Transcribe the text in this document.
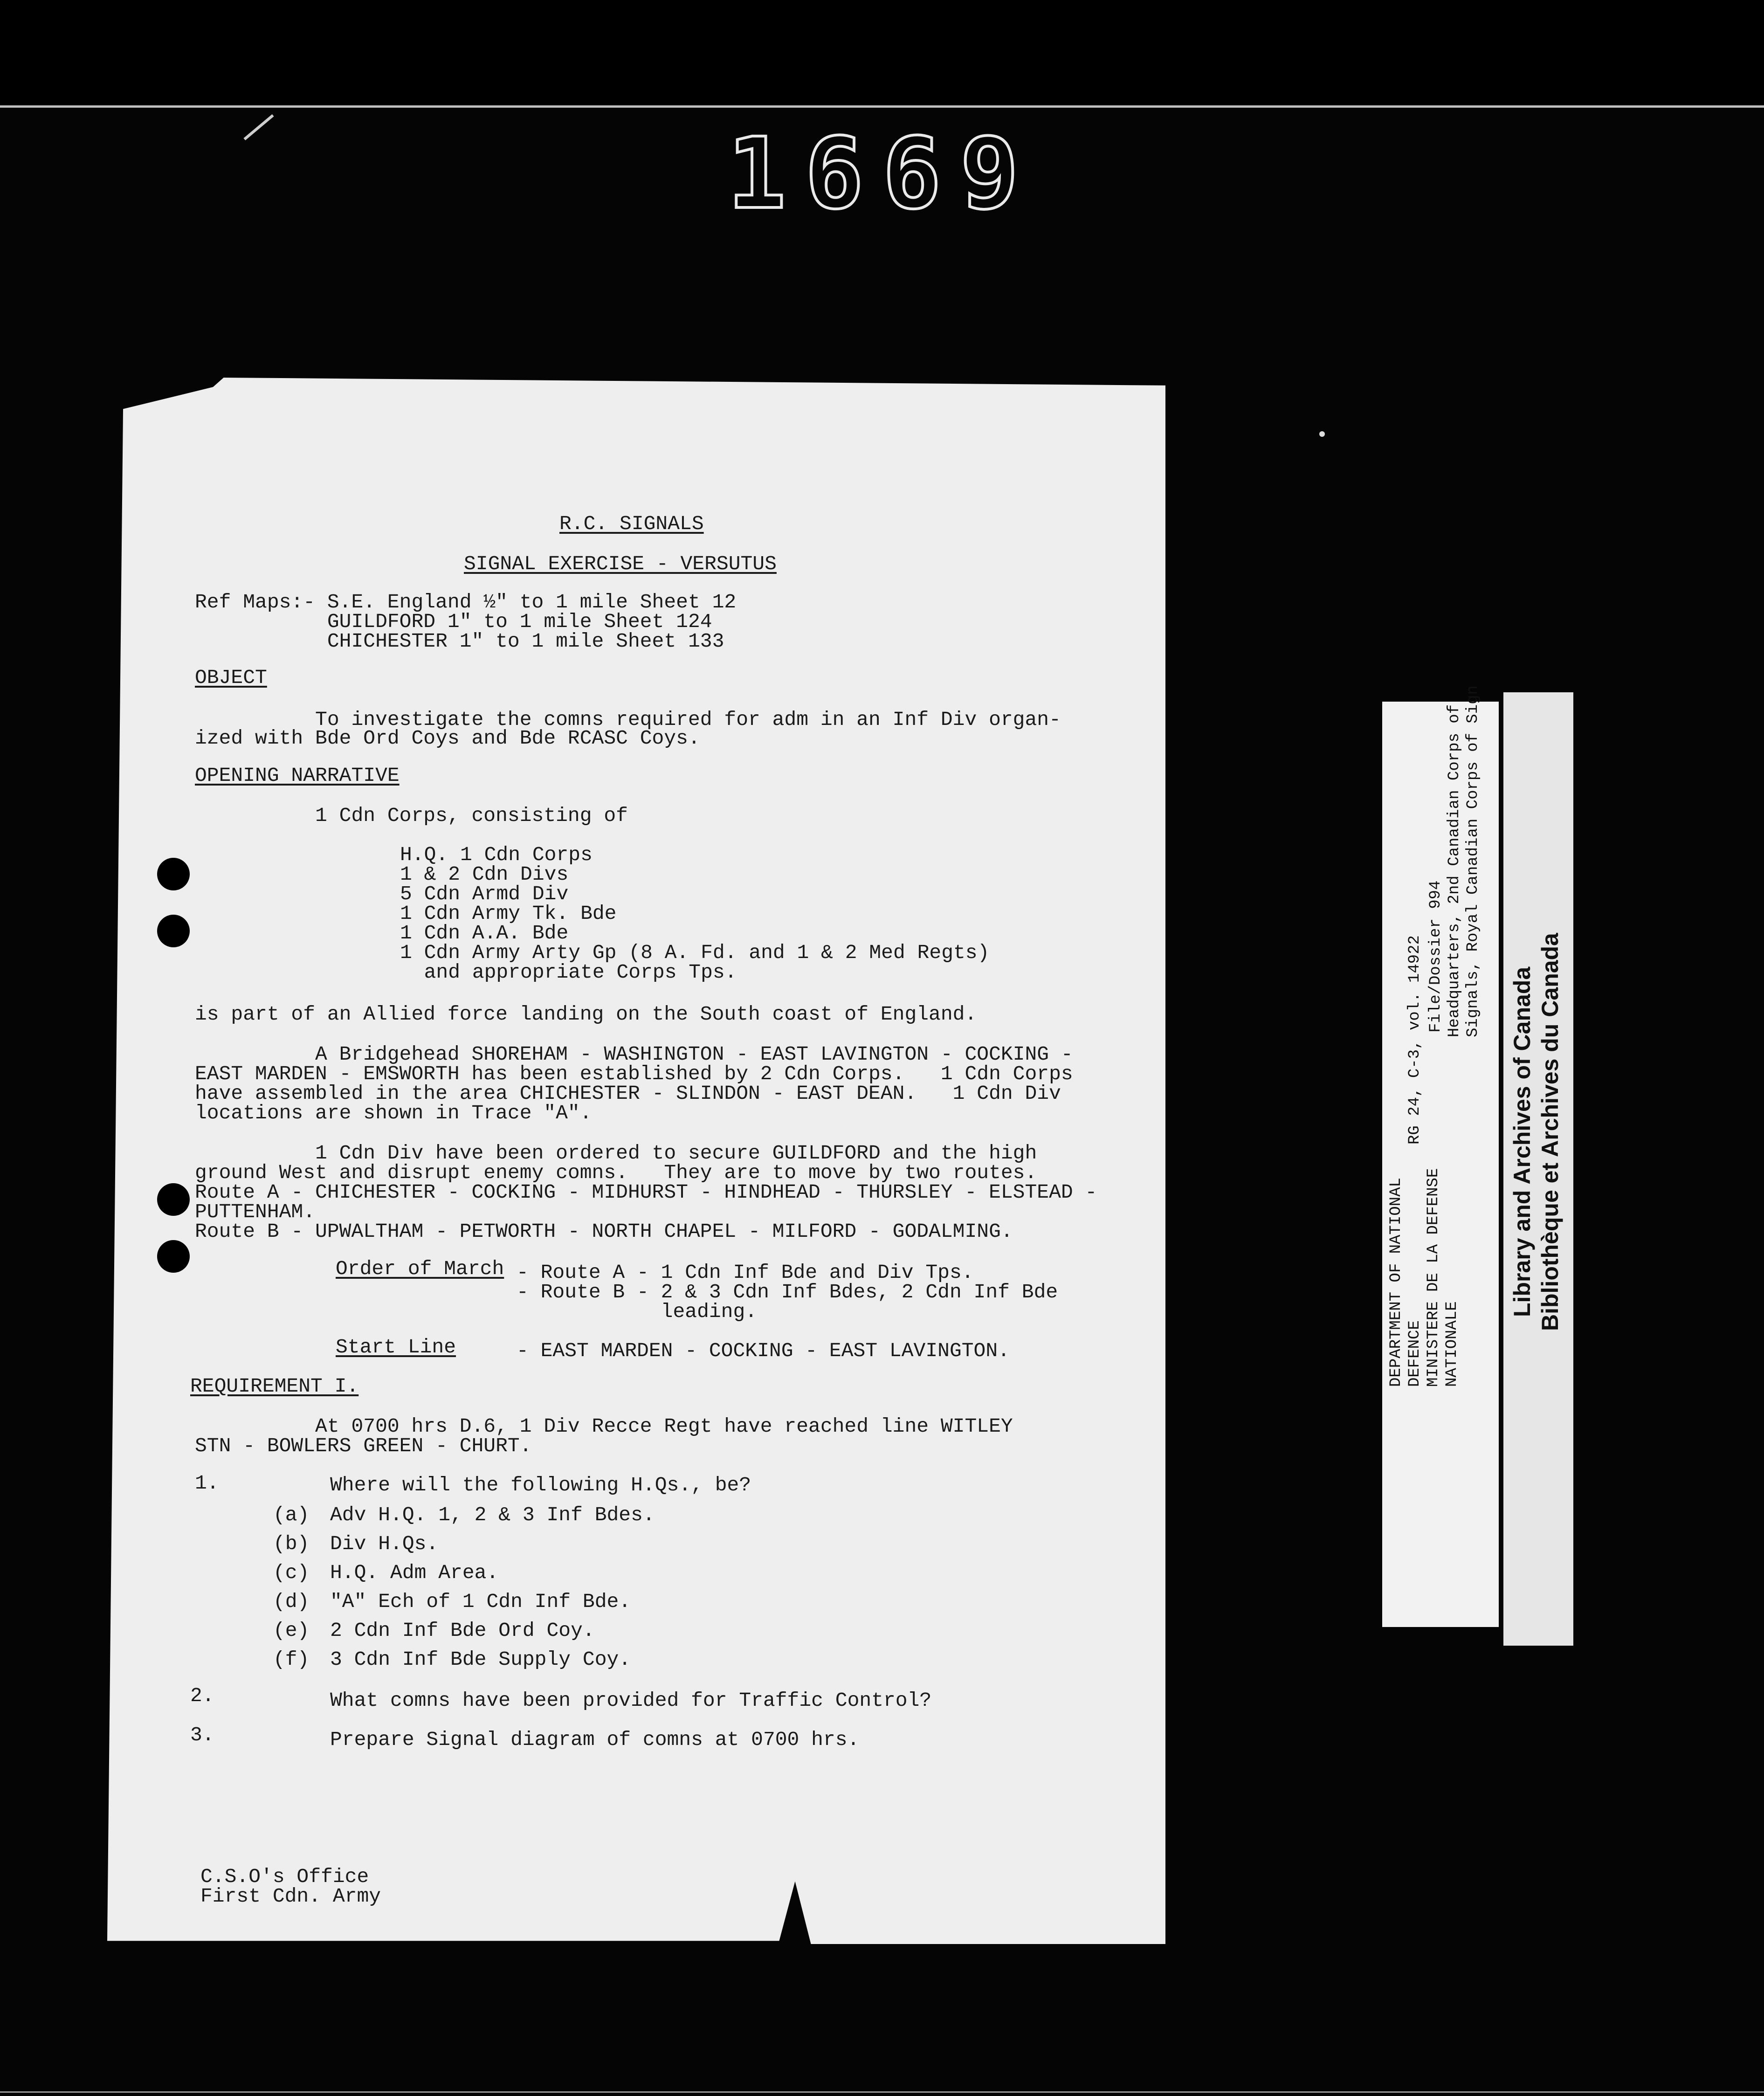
1669
R.C. SIGNALS
SIGNAL EXERCISE - VERSUTUS
Ref Maps:- S.E. England ½" to 1 mile Sheet 12
GUILDFORD 1" to 1 mile Sheet 124
CHICHESTER 1" to 1 mile Sheet 133
OBJECT
To investigate the comns required for adm in an Inf Div organ-
ized with Bde Ord Coys and Bde RCASC Coys.
OPENING NARRATIVE
1 Cdn Corps, consisting of
H.Q. 1 Cdn Corps
1 & 2 Cdn Divs
5 Cdn Armd Div
1 Cdn Army Tk. Bde
1 Cdn A.A. Bde
1 Cdn Army Arty Gp (8 A. Fd. and 1 & 2 Med Regts)
and appropriate Corps Tps.
is part of an Allied force landing on the South coast of England.
A Bridgehead SHOREHAM - WASHINGTON - EAST LAVINGTON - COCKING -
EAST MARDEN - EMSWORTH has been established by 2 Cdn Corps.   1 Cdn Corps
have assembled in the area CHICHESTER - SLINDON - EAST DEAN.   1 Cdn Div
locations are shown in Trace "A".
1 Cdn Div have been ordered to secure GUILDFORD and the high
ground West and disrupt enemy comns.   They are to move by two routes.
Route A - CHICHESTER - COCKING - MIDHURST - HINDHEAD - THURSLEY - ELSTEAD -
PUTTENHAM.
Route B - UPWALTHAM - PETWORTH - NORTH CHAPEL - MILFORD - GODALMING.
Order of March - Route A - 1 Cdn Inf Bde and Div Tps.
- Route B - 2 & 3 Cdn Inf Bdes, 2 Cdn Inf Bde
leading.
Start Line	- EAST MARDEN - COCKING - EAST LAVINGTON.
REQUIREMENT I.
At 0700 hrs D.6, 1 Div Recce Regt have reached line WITLEY
STN - BOWLERS GREEN - CHURT.
1.	Where will the following H.Qs., be?
(a) Adv H.Q. 1, 2 & 3 Inf Bdes.
(b) Div H.Qs.
(c) H.Q. Adm Area.
(d) "A" Ech of 1 Cdn Inf Bde.
(e) 2 Cdn Inf Bde Ord Coy.
(f) 3 Cdn Inf Bde Supply Coy.
2.	What comns have been provided for Traffic Control?
3.	Prepare Signal diagram of comns at 0700 hrs.
C.S.O's Office
First Cdn. Army
DEPARTMENT OF NATIONAL DEFENCE MINISTERE DE LA DEFENSE NATIONALE
RG 24, C-3, vol. 14922 File/Dossier 994 Headquarters, 2nd Canadian Corps of Signals, Royal Canadian Corps of Sign
Library and Archives of Canada Bibliothèque et Archives du Canada
